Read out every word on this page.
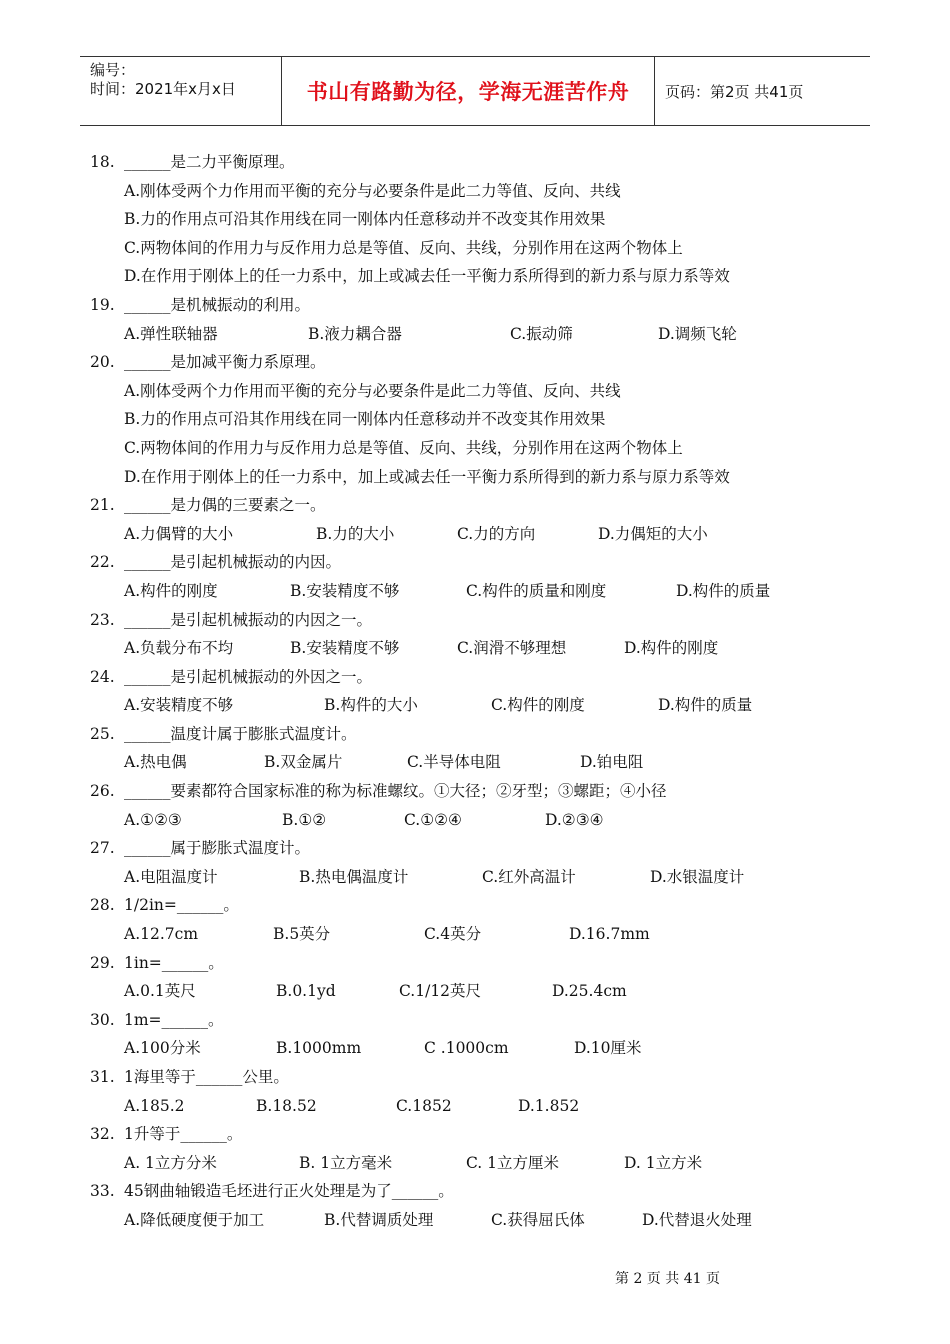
编号：
时间：2021年x月x日	书山有路勤为径，学海无涯苦作舟	页码：第2页 共41页
18. ______是二力平衡原理。
A.刚体受两个力作用而平衡的充分与必要条件是此二力等值、反向、共线
B.力的作用点可沿其作用线在同一刚体内任意移动并不改变其作用效果
C.两物体间的作用力与反作用力总是等值、反向、共线，分别作用在这两个物体上
D.在作用于刚体上的任一力系中，加上或减去任一平衡力系所得到的新力系与原力系等效
19. ______是机械振动的利用。
A.弹性联轴器	B.液力耦合器	C.振动筛	D.调频飞轮
20. ______是加减平衡力系原理。
A.刚体受两个力作用而平衡的充分与必要条件是此二力等值、反向、共线
B.力的作用点可沿其作用线在同一刚体内任意移动并不改变其作用效果
C.两物体间的作用力与反作用力总是等值、反向、共线，分别作用在这两个物体上
D.在作用于刚体上的任一力系中，加上或减去任一平衡力系所得到的新力系与原力系等效
21. ______是力偶的三要素之一。
A.力偶臂的大小	B.力的大小	C.力的方向	D.力偶矩的大小
22. ______是引起机械振动的内因。
A.构件的刚度	B.安装精度不够	C.构件的质量和刚度	D.构件的质量
23. ______是引起机械振动的内因之一。
A.负载分布不均	B.安装精度不够	C.润滑不够理想	D.构件的刚度
24. ______是引起机械振动的外因之一。
A.安装精度不够	B.构件的大小	C.构件的刚度	D.构件的质量
25. ______温度计属于膨胀式温度计。
A.热电偶	B.双金属片	C.半导体电阻	D.铂电阻
26. ______要素都符合国家标准的称为标准螺纹。①大径；②牙型；③螺距；④小径
A.①②③	B.①②	C.①②④	D.②③④
27. ______属于膨胀式温度计。
A.电阻温度计	B.热电偶温度计	C.红外高温计	D.水银温度计
28. 1/2in=______。
A.12.7cm	B.5英分	C.4英分	D.16.7mm
29. 1in=______。
A.0.1英尺	B.0.1yd	C.1/12英尺	D.25.4cm
30. 1m=______。
A.100分米	B.1000mm	C .1000cm	D.10厘米
31. 1海里等于______公里。
A.185.2	B.18.52	C.1852	D.1.852
32. 1升等于______。
A. 1立方分米	B. 1立方毫米	C. 1立方厘米	D. 1立方米
33. 45钢曲轴锻造毛坯进行正火处理是为了______。
A.降低硬度便于加工	B.代替调质处理	C.获得屈氏体	D.代替退火处理
第 2 页 共 41 页
